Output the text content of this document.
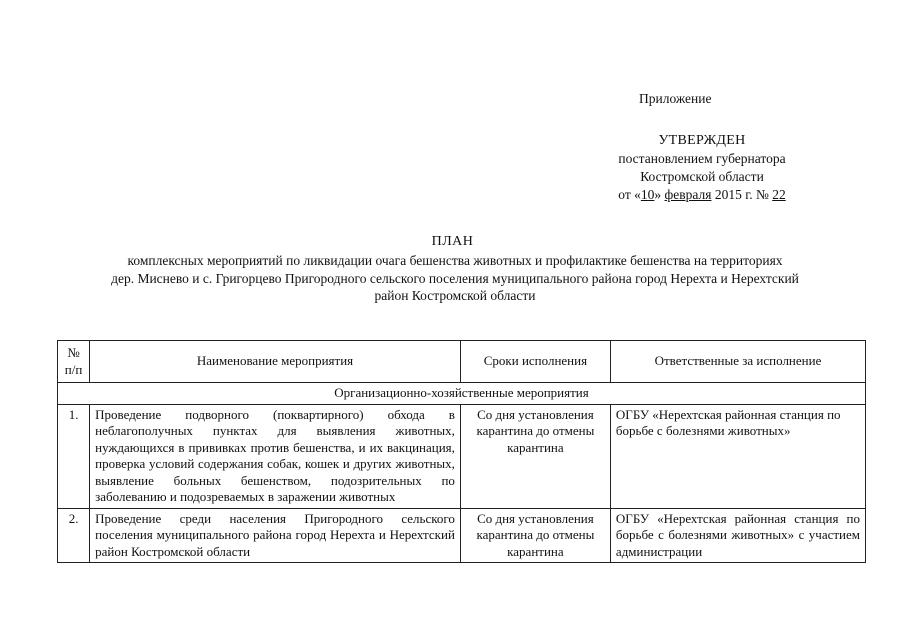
Приложение
УТВЕРЖДЕН
постановлением губернатора
Костромской области
от «10» февраля 2015 г. № 22
ПЛАН
комплексных мероприятий по ликвидации очага бешенства животных и профилактике бешенства на территориях
дер. Миснево и с. Григорцево Пригородного сельского поселения муниципального района город Нерехта и Нерехтский
район Костромской области
№ п/п	Наименование мероприятия	Сроки исполнения	Ответственные за исполнение
Организационно-хозяйственные мероприятия			
1.	Проведение подворного (поквартирного) обхода в неблагополучных пунктах для выявления животных, нуждающихся в прививках против бешенства, и их вакцинация, проверка условий содержания собак, кошек и других животных, выявление больных бешенством, подозрительных по заболеванию и подозреваемых в заражении животных	Со дня установления карантина до отмены карантина	ОГБУ «Нерехтская районная станция по борьбе с болезнями животных»
2.	Проведение среди населения Пригородного сельского поселения муниципального района город Нерехта и Нерехтский район Костромской области	Со дня установления карантина до отмены карантина	ОГБУ «Нерехтская районная станция по борьбе с болезнями животных» с участием администрации
